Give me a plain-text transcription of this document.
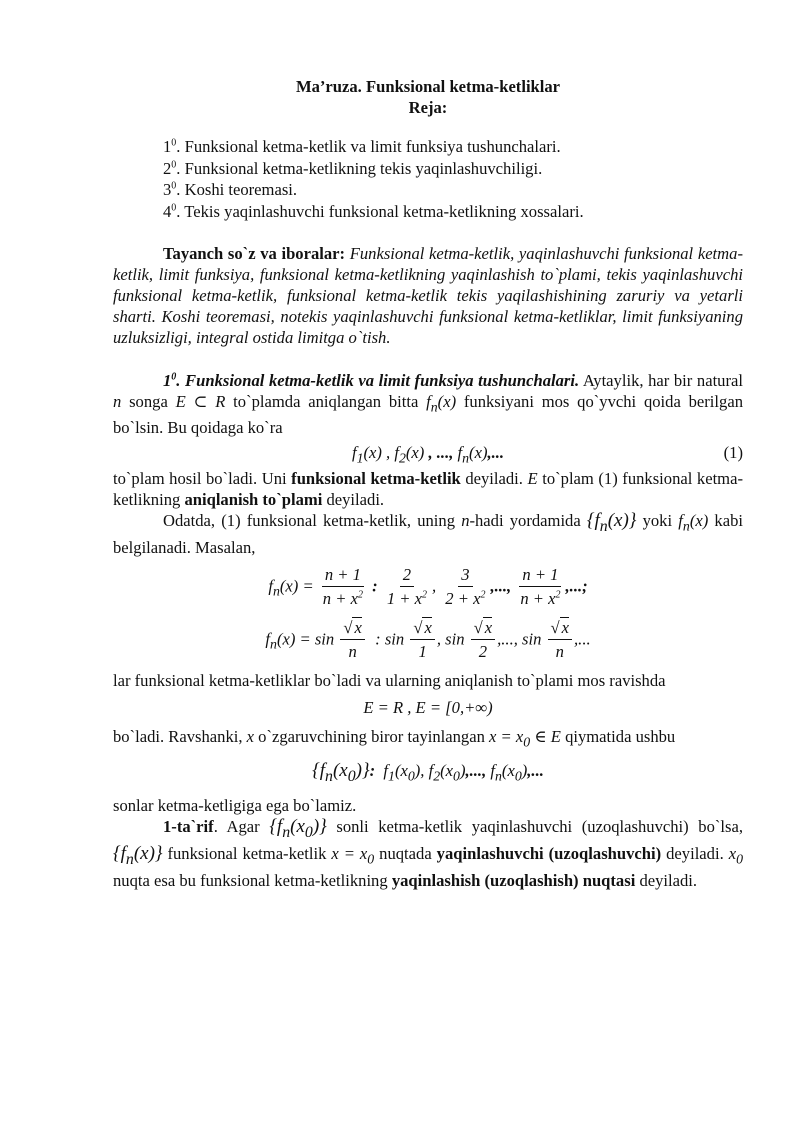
Ma’ruza. Funksional ketma-ketliklar
Reja:
$1^0$. Funksional ketma-ketlik va limit funksiya tushunchalari.
$2^0$. Funksional ketma-ketlikning tekis yaqinlashuvchiligi.
$3^0$. Koshi teoremasi.
$4^0$. Tekis yaqinlashuvchi funksional ketma-ketlikning xossalari.

Tayanch so`z va iboralar: Funksional ketma-ketlik, yaqinlashuvchi funksional ketma-ketlik, limit funksiya, funksional ketma-ketlikning yaqinlashish to`plami, tekis yaqinlashuvchi funksional ketma-ketlik, funksional ketma-ketlik tekis yaqilashishining zaruriy va yetarli sharti. Koshi teoremasi, notekis yaqinlashuvchi funksional ketma-ketliklar, limit funksiyaning uzluksizligi, integral ostida limitga o`tish.

$1^0$. Funksional ketma-ketlik va limit funksiya tushunchalari. Aytaylik, har bir natural n songa E ⊂ R to`plamda aniqlangan bitta $f_n(x)$ funksiyani mos qo`yvchi qoida berilgan bo`lsin. Bu qoidaga ko`ra

$f_1(x)$ , $f_2(x)$ , ..., $f_n(x)$,...	(1)

to`plam hosil bo`ladi. Uni funksional ketma-ketlik deyiladi. E to`plam (1) funksional ketma-ketlikning aniqlanish to`plami deyiladi.

Odatda, (1) funksional ketma-ketlik, uning n-hadi yordamida $\{f_n(x)\}$ yoki $f_n(x)$ kabi belgilanadi. Masalan,

$f_n(x) = \frac{n + 1}{n + x^2}$ : $\frac{2}{1 + x^2}$ , $\frac{3}{2 + x^2}$ ,..., $\frac{n + 1}{n + x^2}$ ,...;
$f_n(x) = \sin \frac{√ x}{n}$ : $\sin \frac{√ x}{1}$ , $\sin \frac{√ x}{2}$ ,..., $\sin \frac{√ x}{n}$ ,...

lar funksional ketma-ketliklar bo`ladi va ularning aniqlanish to`plami mos ravishda

E = R , E = [0,+∞)

bo`ladi. Ravshanki, x o`zgaruvchining biror tayinlangan $x = x_0$ ∈ E qiymatida ushbu

$\{f_n(x_0)\}$:  $f_1(x_0)$, $f_2(x_0)$,..., $f_n(x_0)$,...

sonlar ketma-ketligiga ega bo`lamiz.

1-ta`rif. Agar $\{f_n(x_0)\}$ sonli ketma-ketlik yaqinlashuvchi (uzoqlashuvchi) bo`lsa, $\{f_n(x)\}$ funksional ketma-ketlik $x = x_0$ nuqtada yaqinlashuvchi (uzoqlashuvchi) deyiladi. $x_0$ nuqta esa bu funksional ketma-ketlikning yaqinlashish (uzoqlashish) nuqtasi deyiladi.
